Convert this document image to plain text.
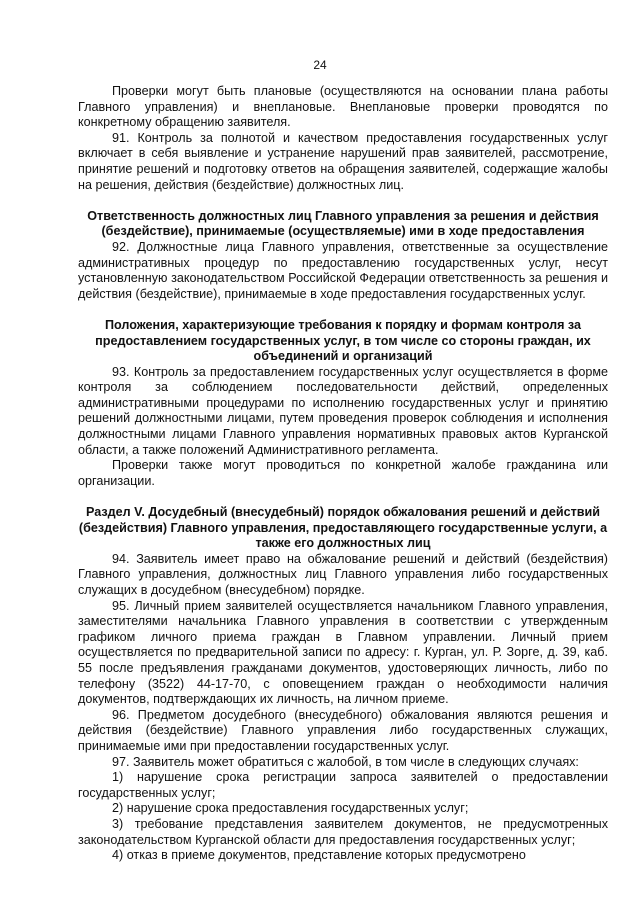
24

Проверки могут быть плановые (осуществляются на основании плана работы Главного управления) и внеплановые. Внеплановые проверки проводятся по конкретному обращению заявителя.

91. Контроль за полнотой и качеством предоставления государственных услуг включает в себя выявление и устранение нарушений прав заявителей, рассмотрение, принятие решений и подготовку ответов на обращения заявителей, содержащие жалобы на решения, действия (бездействие) должностных лиц.

Ответственность должностных лиц Главного управления за решения и действия (бездействие), принимаемые (осуществляемые) ими в ходе предоставления

92. Должностные лица Главного управления, ответственные за осуществление административных процедур по предоставлению государственных услуг, несут установленную законодательством Российской Федерации ответственность за решения и действия (бездействие), принимаемые в ходе предоставления государственных услуг.

Положения, характеризующие требования к порядку и формам контроля за предоставлением государственных услуг, в том числе со стороны граждан, их объединений и организаций

93. Контроль за предоставлением государственных услуг осуществляется в форме контроля за соблюдением последовательности действий, определенных административными процедурами по исполнению государственных услуг и принятию решений должностными лицами, путем проведения проверок соблюдения и исполнения должностными лицами Главного управления нормативных правовых актов Курганской области, а также положений Административного регламента.

Проверки также могут проводиться по конкретной жалобе гражданина или организации.

Раздел V. Досудебный (внесудебный) порядок обжалования решений и действий (бездействия) Главного управления, предоставляющего государственные услуги, а также его должностных лиц

94. Заявитель имеет право на обжалование решений и действий (бездействия) Главного управления, должностных лиц Главного управления либо государственных служащих в досудебном (внесудебном) порядке.

95. Личный прием заявителей осуществляется начальником Главного управления, заместителями начальника Главного управления в соответствии с утвержденным графиком личного приема граждан в Главном управлении. Личный прием осуществляется по предварительной записи по адресу: г. Курган, ул. Р. Зорге, д. 39, каб. 55 после предъявления гражданами документов, удостоверяющих личность, либо по телефону (3522) 44-17-70, с оповещением граждан о необходимости наличия документов, подтверждающих их личность, на личном приеме.

96. Предметом досудебного (внесудебного) обжалования являются решения и действия (бездействие) Главного управления либо государственных служащих, принимаемые ими при предоставлении государственных услуг.

97. Заявитель может обратиться с жалобой, в том числе в следующих случаях:

1) нарушение срока регистрации запроса заявителей о предоставлении государственных услуг;

2) нарушение срока предоставления государственных услуг;

3) требование представления заявителем документов, не предусмотренных законодательством Курганской области для предоставления государственных услуг;

4) отказ в приеме документов, представление которых предусмотрено
